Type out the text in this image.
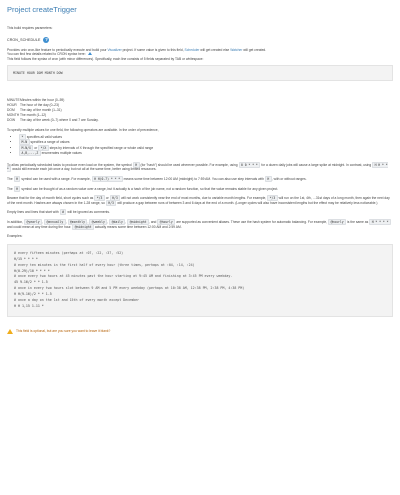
Project createTrigger

This build requires parameters:

CRON_SCHEDULE	?

Provides unix cron-like feature to periodically execute and build your Visualizer project. If some value is given to this field, Scheduler will get created else Watcher will get created.

You can find few details related to CRON syntax here:

This field follows the syntax of cron (with minor differences). Specifically, each line consists of 5 fields separated by TAB or whitespace:

MINUTE HOUR DOM MONTH DOW
MINUTE Minutes within the hour (0–59)
HOUR The hour of the day (0–23)
DOM	The day of the month (1–31)
MONTH The month (1–12)
DOW	The day of the week (0–7) where 0 and 7 are Sunday.

To specify multiple values for one field, the following operators are available. In the order of precedence,

• * specifies all valid values
• M-N specifies a range of values
• M-N/X or */X steps by intervals of X through the specified range or whole valid range
• A,B,...,Z enumerates multiple values

To allow periodically scheduled tasks to produce even load on the system, the symbol H (for "hash") should be used wherever possible. For example, using 0 0 * * * for a dozen daily jobs will cause a large spike at midnight. In contrast, using H H * * * would still execute each job once a day, but not all at the same time, better using limited resources.

The H symbol can be used with a range. For example, H H(0-7) * * * means some time between 12:00 AM (midnight) to 7:59 AM. You can also use step intervals with H , with or without ranges.

The H symbol can be thought of as a random value over a range, but it actually is a hash of the job name, not a random function, so that the value remains stable for any given project.

Beware that for the day of month field, short cycles such as */3 or H/3 will not work consistently near the end of most months, due to variable month lengths. For example, */3 will run on the 1st, 4th, …31st days of a long month, then again the next day of the next month. Hashes are always chosen in the 1-28 range, so H/3 will produce a gap between runs of between 3 and 6 days at the end of a month. (Longer cycles will also have inconsistent lengths but the effect may be relatively less noticeable.)

Empty lines and lines that start with # will be ignored as comments.

In addition, @yearly @annually , @monthly @weekly @daily @midnight , and @hourly are supported as convenient aliases. These use the hash system for automatic balancing. For example, @hourly is the same as H * * * * and could mean at any time during the hour. @midnight actually means some time between 12:00 AM and 2:59 AM.

Examples:

# every fifteen minutes (perhaps at :07, :22, :37, :52)
H/15 * * * *
# every ten minutes in the first half of every hour (three times, perhaps at :04, :14, :24)
H(0-29)/10 * * * *
# once every two hours at 45 minutes past the hour starting at 9:45 AM and finishing at 3:45 PM every weekday.
45 9-16/2 * * 1-5
# once in every two hours slot between 9 AM and 5 PM every weekday (perhaps at 10:38 AM, 12:38 PM, 2:38 PM, 4:38 PM)
H H(9-16)/2 * * 1-5
# once a day on the 1st and 15th of every month except December
H H 1,15 1-11 *
This field is optional, but are you sure you want to leave it blank?
